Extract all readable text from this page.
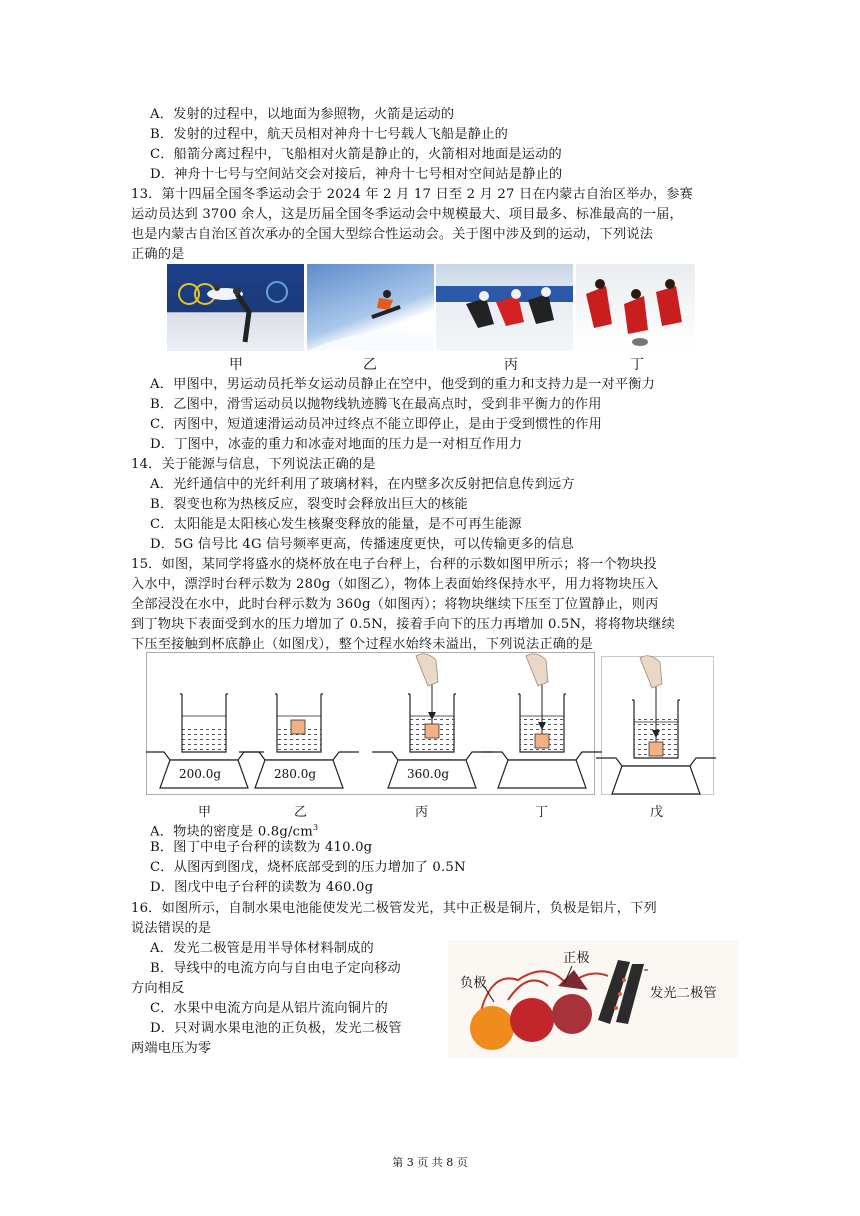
A．发射的过程中，以地面为参照物，火箭是运动的
B．发射的过程中，航天员相对神舟十七号载人飞船是静止的
C．船箭分离过程中，飞船相对火箭是静止的，火箭相对地面是运动的
D．神舟十七号与空间站交会对接后，神舟十七号相对空间站是静止的
13．第十四届全国冬季运动会于 2024 年 2 月 17 日至 2 月 27 日在内蒙古自治区举办，参赛
运动员达到 3700 余人，这是历届全国冬季运动会中规模最大、项目最多、标准最高的一届，
也是内蒙古自治区首次承办的全国大型综合性运动会。关于图中涉及到的运动，下列说法
正确的是
甲	乙	丙	丁
A．甲图中，男运动员托举女运动员静止在空中，他受到的重力和支持力是一对平衡力
B．乙图中，滑雪运动员以抛物线轨迹腾飞在最高点时，受到非平衡力的作用
C．丙图中，短道速滑运动员冲过终点不能立即停止，是由于受到惯性的作用
D．丁图中，冰壶的重力和冰壶对地面的压力是一对相互作用力
14．关于能源与信息，下列说法正确的是
A．光纤通信中的光纤利用了玻璃材料，在内壁多次反射把信息传到远方
B．裂变也称为热核反应，裂变时会释放出巨大的核能
C．太阳能是太阳核心发生核聚变释放的能量，是不可再生能源
D．5G 信号比 4G 信号频率更高，传播速度更快，可以传输更多的信息
15．如图，某同学将盛水的烧杯放在电子台秤上，台秤的示数如图甲所示；将一个物块投
入水中，漂浮时台秤示数为 280g（如图乙），物体上表面始终保持水平，用力将物块压入
全部浸没在水中，此时台秤示数为 360g（如图丙）；将物块继续下压至丁位置静止，则丙
到丁物块下表面受到水的压力增加了 0.5N，接着手向下的压力再增加 0.5N，将将物块继续
下压至接触到杯底静止（如图戊），整个过程水始终未溢出，下列说法正确的是
200.0g	280.0g	360.0g
甲	乙	丙	丁	戊
A．物块的密度是 $0.8g/cm^3$
B．图丁中电子台秤的读数为 410.0g
C．从图丙到图戊，烧杯底部受到的压力增加了 0.5N
D．图戊中电子台秤的读数为 460.0g
16．如图所示，自制水果电池能使发光二极管发光，其中正极是铜片，负极是铝片，下列
说法错误的是
A．发光二极管是用半导体材料制成的
B．导线中的电流方向与自由电子定向移动
方向相反
C．水果中电流方向是从铝片流向铜片的
D．只对调水果电池的正负极，发光二极管
两端电压为零
负极
正极
发光二极管
第 3 页 共 8 页
